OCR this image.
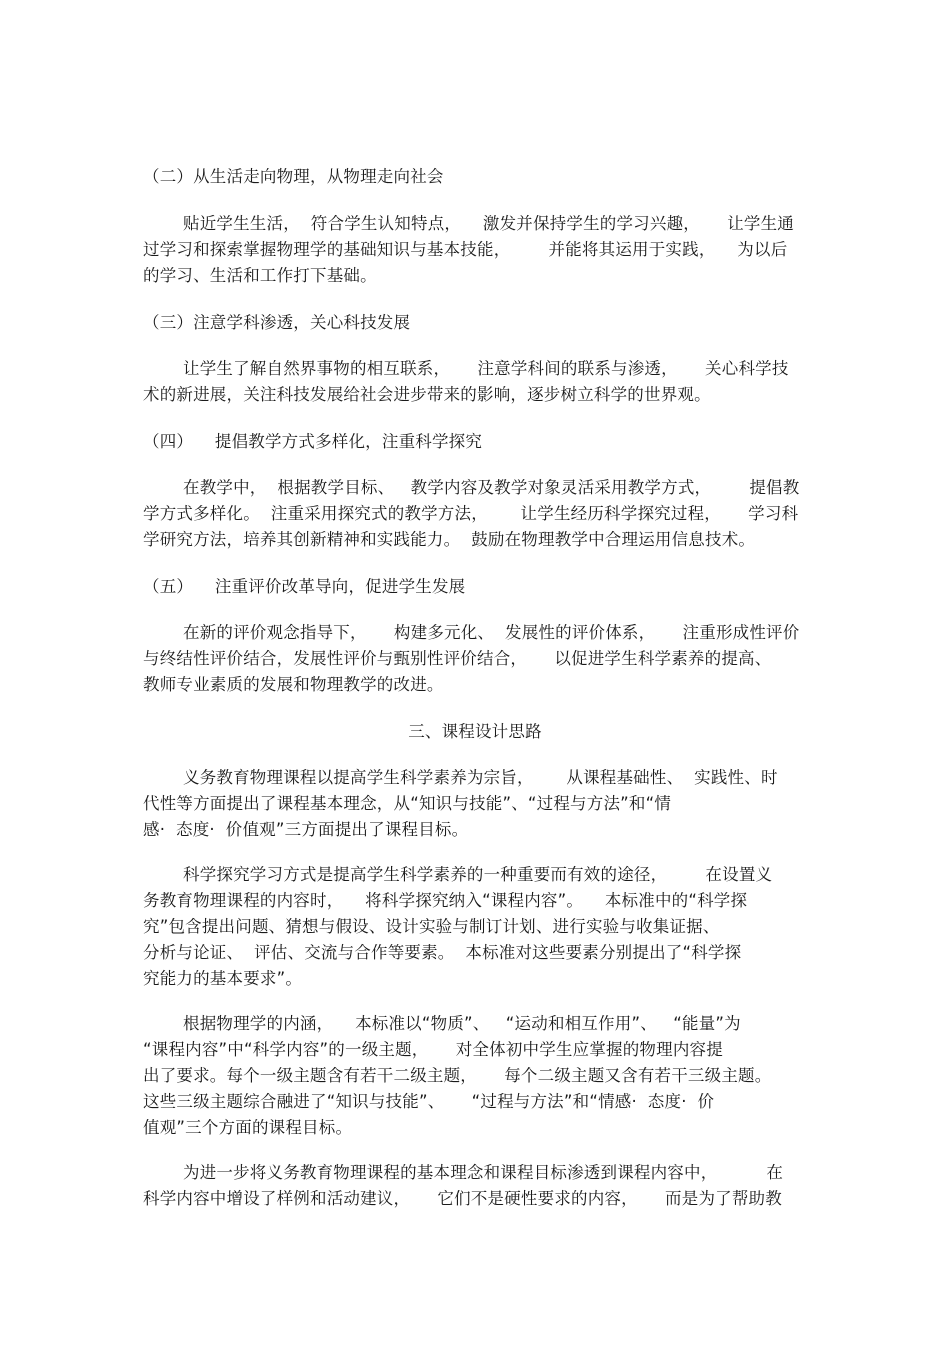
（二）从生活走向物理，从物理走向社会
贴近学生生活，  符合学生认知特点，    激发并保持学生的学习兴趣，     让学生通
过学习和探索掌握物理学的基础知识与基本技能，       并能将其运用于实践，    为以后
的学习、生活和工作打下基础。
（三）注意学科渗透，关心科技发展
让学生了解自然界事物的相互联系，     注意学科间的联系与渗透，     关心科学技
术的新进展，关注科技发展给社会进步带来的影响，逐步树立科学的世界观。
（四）    提倡教学方式多样化，注重科学探究
在教学中，  根据教学目标、   教学内容及教学对象灵活采用教学方式，       提倡教
学方式多样化。  注重采用探究式的教学方法，      让学生经历科学探究过程，     学习科
学研究方法，培养其创新精神和实践能力。  鼓励在物理教学中合理运用信息技术。
（五）    注重评价改革导向，促进学生发展
在新的评价观念指导下，     构建多元化、  发展性的评价体系，     注重形成性评价
与终结性评价结合，发展性评价与甄别性评价结合，     以促进学生科学素养的提高、
教师专业素质的发展和物理教学的改进。
三、课程设计思路
义务教育物理课程以提高学生科学素养为宗旨，      从课程基础性、  实践性、时
代性等方面提出了课程基本理念，从“知识与技能”、“过程与方法”和“情
感·  态度·  价值观”三方面提出了课程目标。
科学探究学习方式是提高学生科学素养的一种重要而有效的途径，       在设置义
务教育物理课程的内容时，    将科学探究纳入“课程内容”。    本标准中的“科学探
究”包含提出问题、猜想与假设、设计实验与制订计划、进行实验与收集证据、
分析与论证、  评估、交流与合作等要素。  本标准对这些要素分别提出了“科学探
究能力的基本要求”。
根据物理学的内涵，    本标准以“物质”、   “运动和相互作用”、   “能量”为
“课程内容”中“科学内容”的一级主题，     对全体初中学生应掌握的物理内容提
出了要求。每个一级主题含有若干二级主题，     每个二级主题又含有若干三级主题。
这些三级主题综合融进了“知识与技能”、     “过程与方法”和“情感·  态度·  价
值观”三个方面的课程目标。
为进一步将义务教育物理课程的基本理念和课程目标渗透到课程内容中，         在
科学内容中增设了样例和活动建议，     它们不是硬性要求的内容，     而是为了帮助教
